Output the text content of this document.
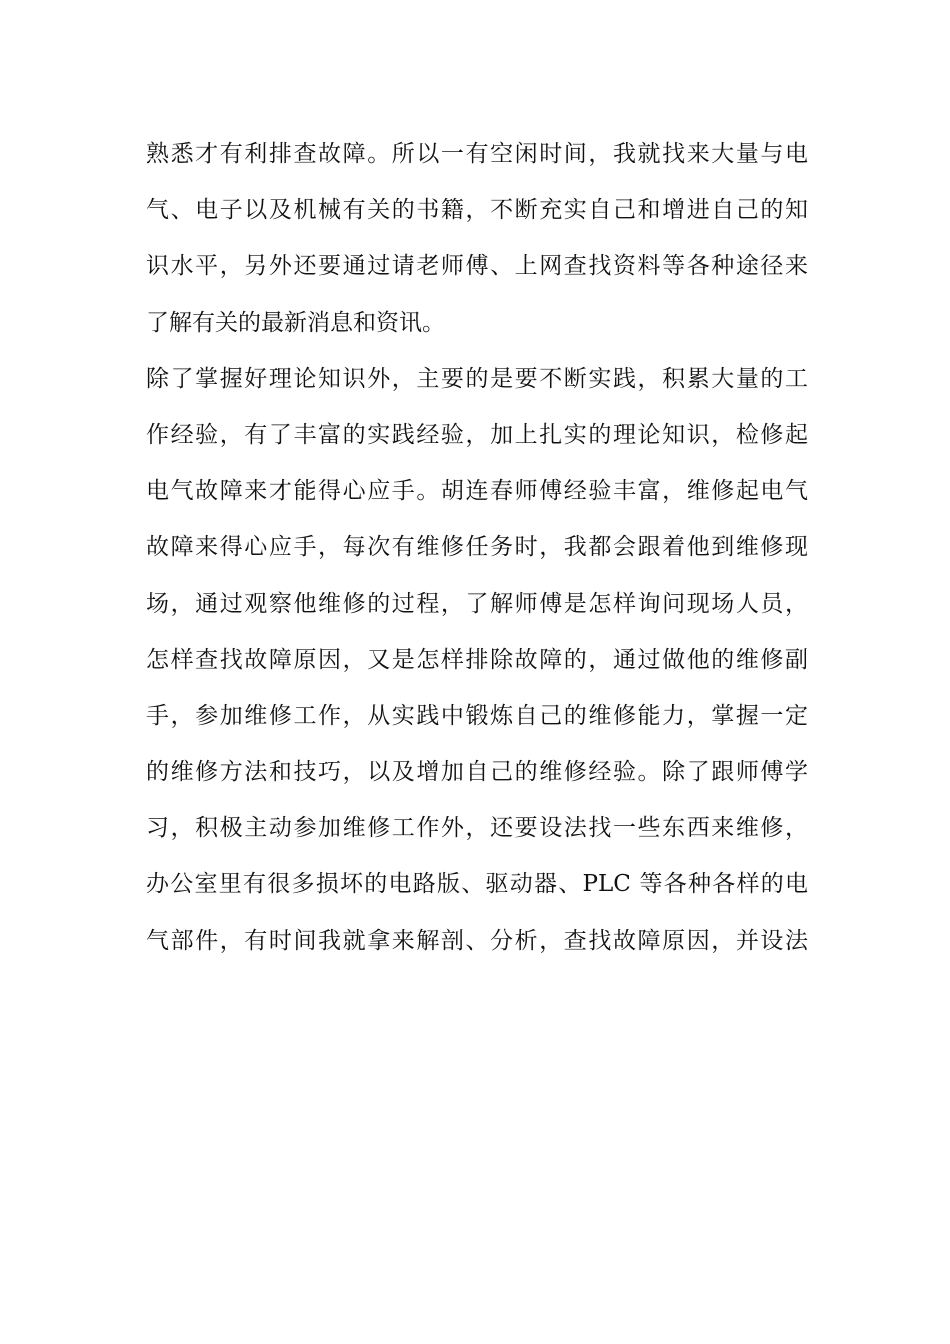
熟悉才有利排查故障。所以一有空闲时间，我就找来大量与电
气、电子以及机械有关的书籍，不断充实自己和增进自己的知
识水平，另外还要通过请老师傅、上网查找资料等各种途径来
了解有关的最新消息和资讯。
除了掌握好理论知识外，主要的是要不断实践，积累大量的工
作经验，有了丰富的实践经验，加上扎实的理论知识，检修起
电气故障来才能得心应手。胡连春师傅经验丰富，维修起电气
故障来得心应手，每次有维修任务时，我都会跟着他到维修现
场，通过观察他维修的过程，了解师傅是怎样询问现场人员，
怎样查找故障原因，又是怎样排除故障的，通过做他的维修副
手，参加维修工作，从实践中锻炼自己的维修能力，掌握一定
的维修方法和技巧，以及增加自己的维修经验。除了跟师傅学
习，积极主动参加维修工作外，还要设法找一些东西来维修，
办公室里有很多损坏的电路版、驱动器、PLC 等各种各样的电
气部件，有时间我就拿来解剖、分析，查找故障原因，并设法
